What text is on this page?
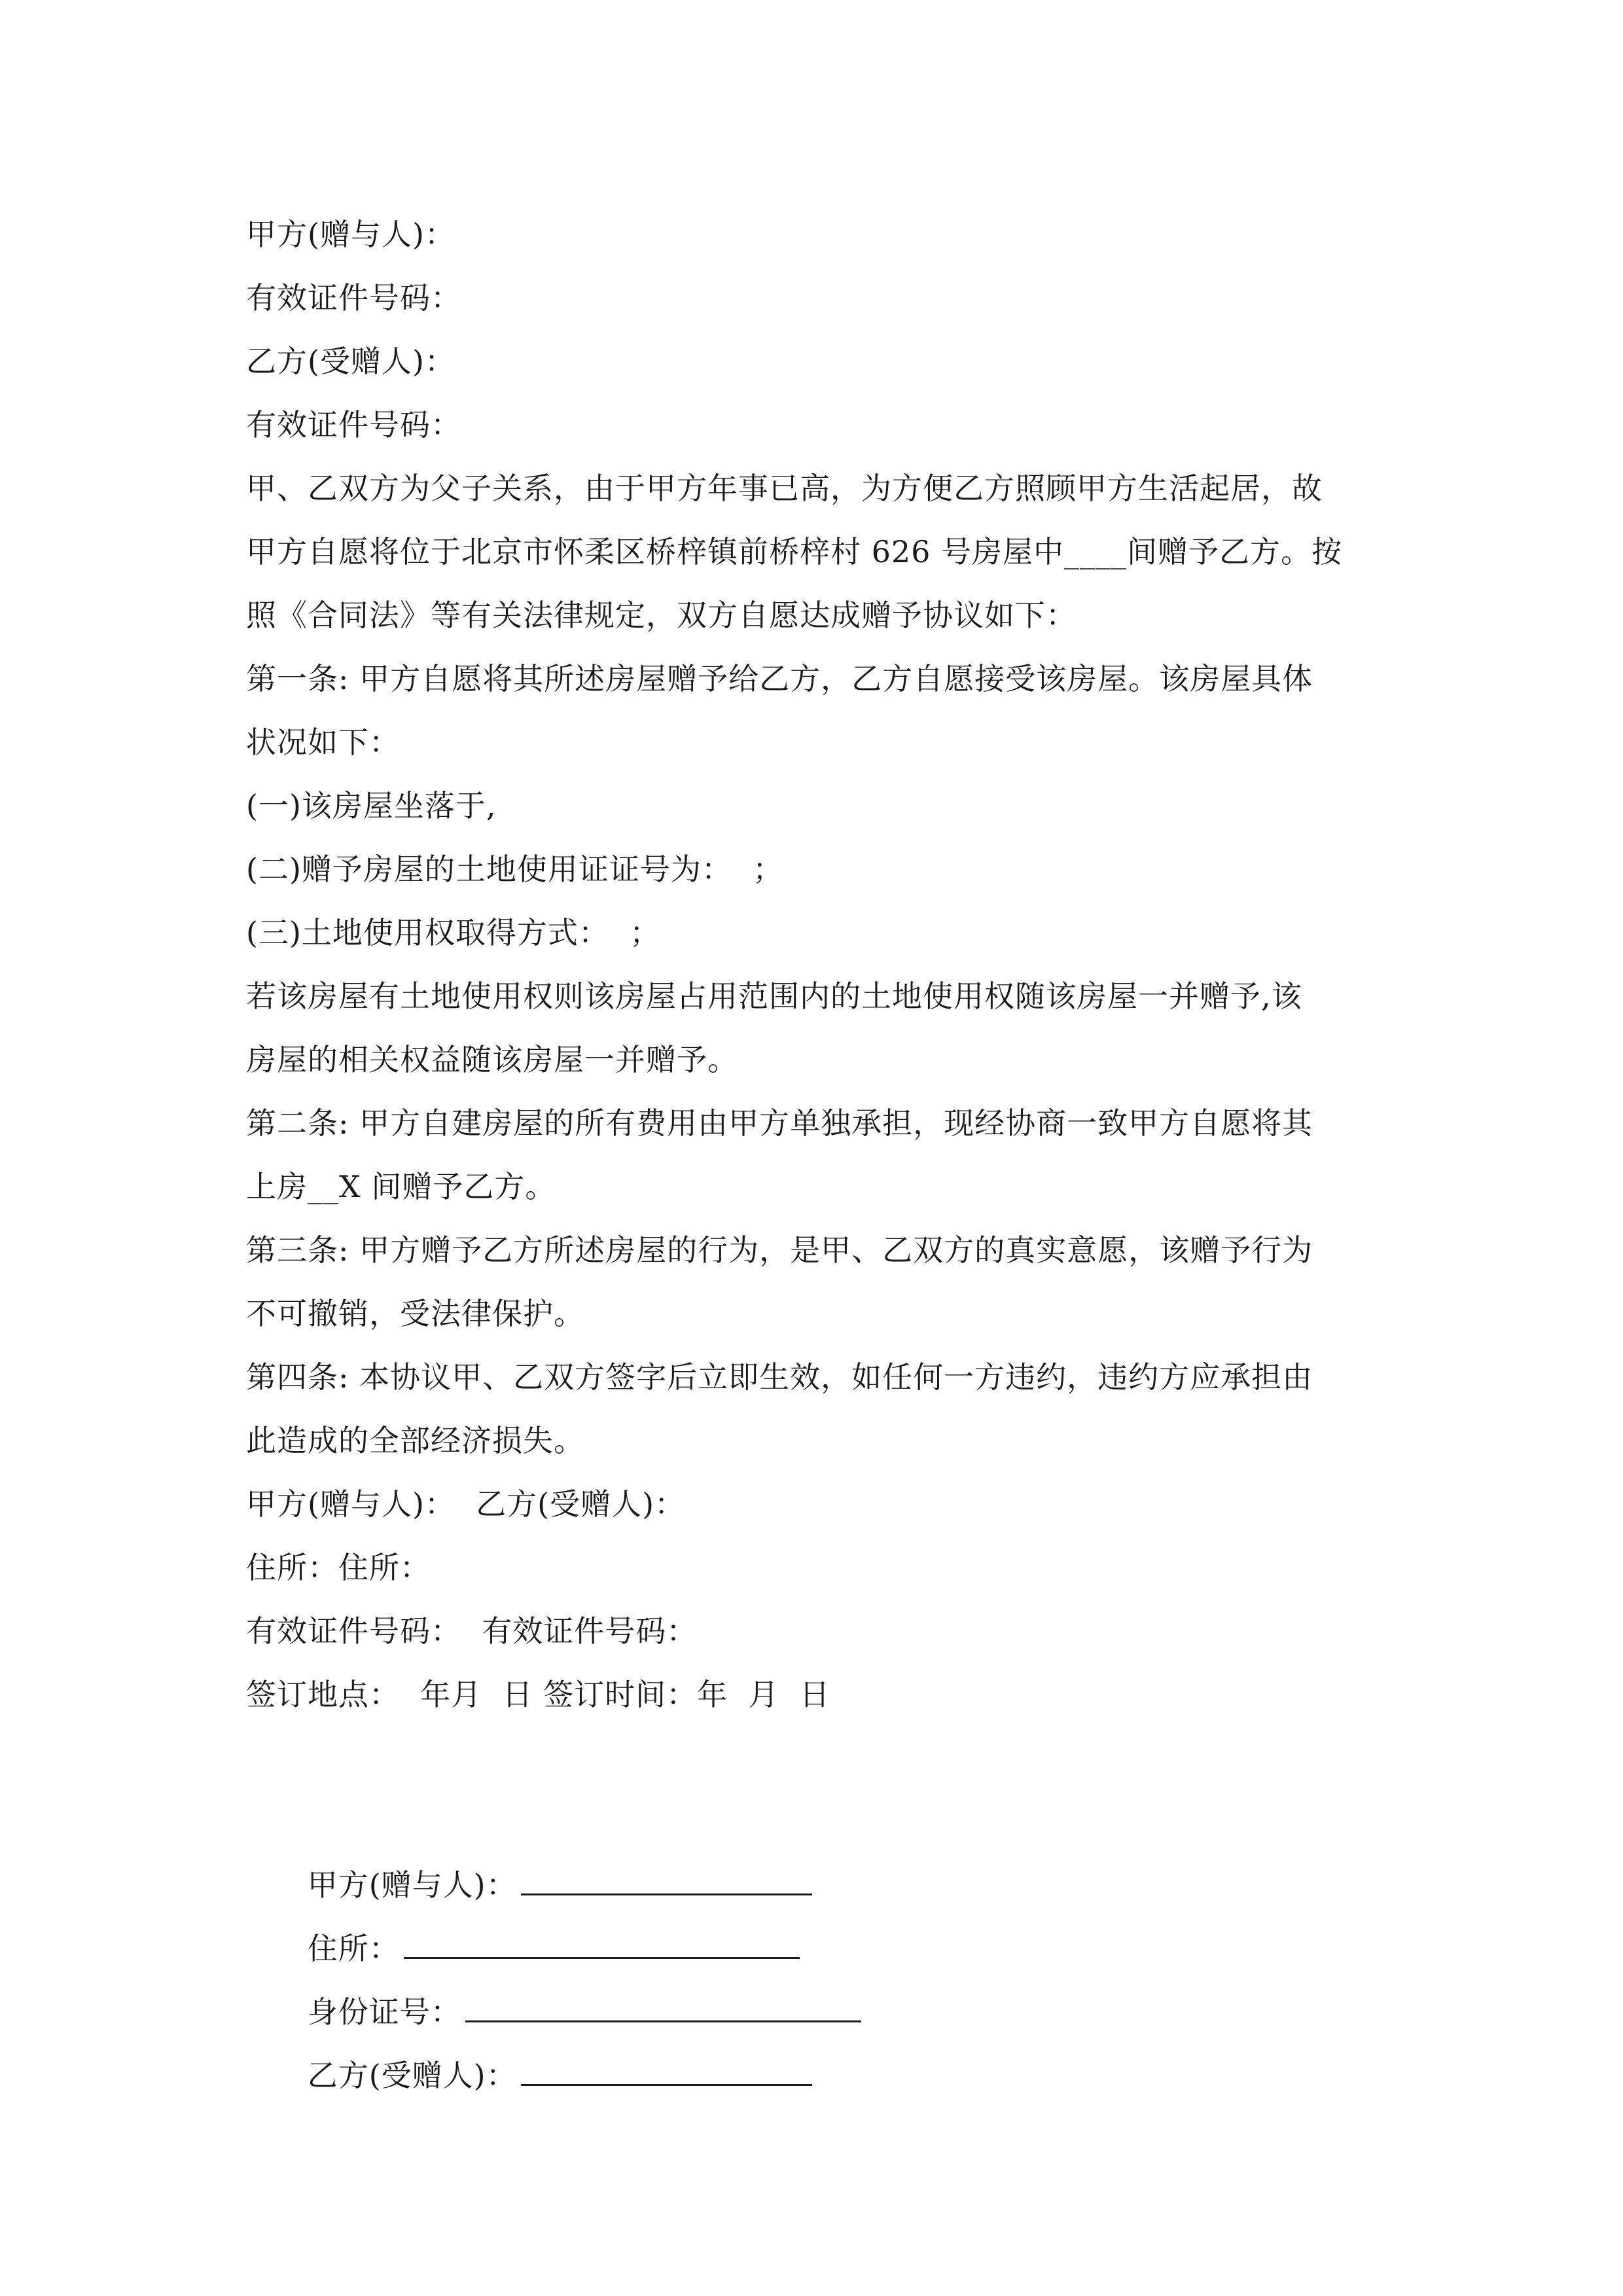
甲方(赠与人)：
有效证件号码：
乙方(受赠人)：
有效证件号码：
甲、乙双方为父子关系，由于甲方年事已高，为方便乙方照顾甲方生活起居，故
甲方自愿将位于北京市怀柔区桥梓镇前桥梓村 626 号房屋中____间赠予乙方。按
照《合同法》等有关法律规定，双方自愿达成赠予协议如下：
第一条: 甲方自愿将其所述房屋赠予给乙方，乙方自愿接受该房屋。该房屋具体
状况如下：
(一)该房屋坐落于,
(二)赠予房屋的土地使用证证号为：  ；
(三)土地使用权取得方式：  ；
若该房屋有土地使用权则该房屋占用范围内的土地使用权随该房屋一并赠予,该
房屋的相关权益随该房屋一并赠予。
第二条: 甲方自建房屋的所有费用由甲方单独承担，现经协商一致甲方自愿将其
上房__X 间赠予乙方。
第三条: 甲方赠予乙方所述房屋的行为，是甲、乙双方的真实意愿，该赠予行为
不可撤销，受法律保护。
第四条: 本协议甲、乙双方签字后立即生效，如任何一方违约，违约方应承担由
此造成的全部经济损失。
甲方(赠与人)：  乙方(受赠人)：
住所：住所：
有效证件号码：  有效证件号码：
签订地点：  年月  日 签订时间：年  月  日

甲方(赠与人)：

住所：

身份证号：

乙方(受赠人)：
